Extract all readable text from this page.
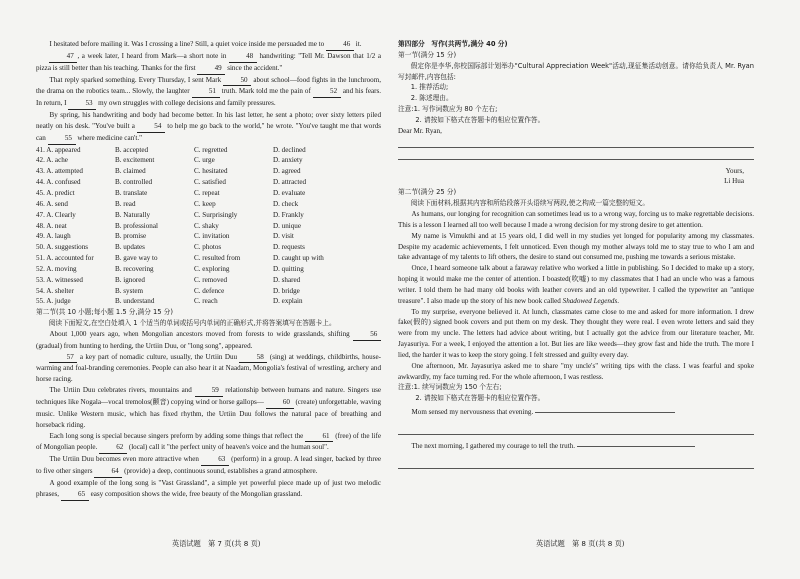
I hesitated before mailing it. Was I crossing a line? Still, a quiet voice inside me persuaded me to	46 it.

47 , a week later, I heard from Mark—a short note in	48 handwriting: "Tell Mr. Dawson that 1/2 a pizza is still better than his teaching. Thanks for the first	49 since the accident."

That reply sparked something. Every Thursday, I sent Mark	50 about school—food fights in the lunchroom, the drama on the robotics team... Slowly, the laughter	51 truth. Mark told me the pain of	52 and his fears. In return, I	53 my own struggles with college decisions and family pressures.

By spring, his handwriting and body had become better. In his last letter, he sent a photo; over sixty letters piled neatly on his desk. "You've built a	54 to help me go back to the world," he wrote. "You've taught me that words can	55 where medicine can't."

41. A. appeared	B. accepted	C. regretted	D. declined
42. A. ache	B. excitement	C. urge	D. anxiety
43. A. attempted	B. claimed	C. hesitated	D. agreed
44. A. confused	B. controlled	C. satisfied	D. attracted
45. A. predict	B. translate	C. repeat	D. evaluate
46. A. send	B. read	C. keep	D. check
47. A. Clearly	B. Naturally	C. Surprisingly	D. Frankly
48. A. neat	B. professional	C. shaky	D. unique
49. A. laugh	B. promise	C. invitation	D. visit
50. A. suggestions	B. updates	C. photos	D. requests
51. A. accounted for	B. gave way to	C. resulted from	D. caught up with
52. A. moving	B. recovering	C. exploring	D. quitting
53. A. witnessed	B. ignored	C. removed	D. shared
54. A. shelter	B. system	C. defence	D. bridge
55. A. judge	B. understand	C. reach	D. explain

第二节(共 10 小题;每小题 1.5 分,满分 15 分)

阅读下面短文,在空白处填入 1 个适当的单词或括号内单词的正确形式,并将答案填写在答题卡上。

About 1,000 years ago, when Mongolian ancestors moved from forests to wide grasslands, shifting	56 (gradual) from hunting to herding, the Urtiin Duu, or "long song", appeared.

57 a key part of nomadic culture, usually, the Urtiin Duu	58 (sing) at weddings, childbirths, house-warming and foal-branding ceremonies. People can also hear it at Naadam, Mongolia's festival of wrestling, archery and horse racing.

The Urtiin Duu celebrates rivers, mountains and	59 relationship between humans and nature. Singers use techniques like Nogala—vocal tremolos(颤音) copying wind or horse gallops—	60 (create) unforgettable, waving music. Unlike Western music, which has fixed rhythm, the Urtiin Duu follows the natural pace of breathing and horseback riding.

Each long song is special because singers preform by adding some things that reflect the	61 (free) of the life of Mongolian people.	62 (local) call it "the perfect unity of heaven's voice and the human soul".

The Urtiin Duu becomes even more attractive when	63 (perform) in a group. A lead singer, backed by three to five other singers	64 (provide) a deep, continuous sound, establishes a grand atmosphere.

A good example of the long song is "Vast Grassland", a simple yet powerful piece made up of just two melodic phrases,	65 easy composition shows the wide, free beauty of the Mongolian grassland.

第四部分　写作(共两节,满分 40 分)

第一节(满分 15 分)

假定你是李华,你校国际部计划举办"Cultural Appreciation Week"活动,现征集活动创意。请你给负责人 Mr. Ryan 写封邮件,内容包括:

1. 推荐活动;

2. 陈述理由。

注意:1. 写作词数应为 80 个左右;

2. 请按如下格式在答题卡的相应位置作答。

Dear Mr. Ryan,

Yours,

Li Hua

第二节(满分 25 分)

阅读下面材料,根据其内容和所给段落开头语续写两段,使之构成一篇完整的短文。

As humans, our longing for recognition can sometimes lead us to a wrong way, forcing us to make regrettable decisions. This is a lesson I learned all too well because I made a wrong decision for my strong desire to get attention.

My name is Vimukthi and at 15 years old, I did well in my studies yet longed for popularity among my classmates. Despite my academic achievements, I felt unnoticed. Even though my mother always told me to stay true to who I am and take advantage of my talents to lift others, the desire to stand out consumed me, pushing me towards a serious mistake.

Once, I heard someone talk about a faraway relative who worked a little in publishing. So I decided to make up a story, hoping it would make me the center of attention. I boasted(吹嘘) to my classmates that I had an uncle who was a famous writer. I told them he had many old books with leather covers and an old typewriter. I called the typewriter an "antique treasure". I also made up the story of his new book called Shadowed Legends.

To my surprise, everyone believed it. At lunch, classmates came close to me and asked for more information. I drew fake(假的) signed book covers and put them on my desk. They thought they were real. I even wrote letters and said they were from my uncle. The letters had advice about writing, but I actually got the advice from our literature teacher, Mr. Jayasuriya. For a week, I enjoyed the attention a lot. But lies are like weeds—they grow fast and hide the truth. The more I lied, the harder it was to keep the story going. I felt stressed and guilty every day.

One afternoon, Mr. Jayasuriya asked me to share "my uncle's" writing tips with the class. I was fearful and spoke awkwardly, my face turning red. For the whole afternoon, I was restless.

注意:1. 续写词数应为 150 个左右;

2. 请按如下格式在答题卡的相应位置作答。

Mom sensed my nervousness that evening.

The next morning, I gathered my courage to tell the truth.

英语试题　第 7 页(共 8 页)	英语试题　第 8 页(共 8 页)
